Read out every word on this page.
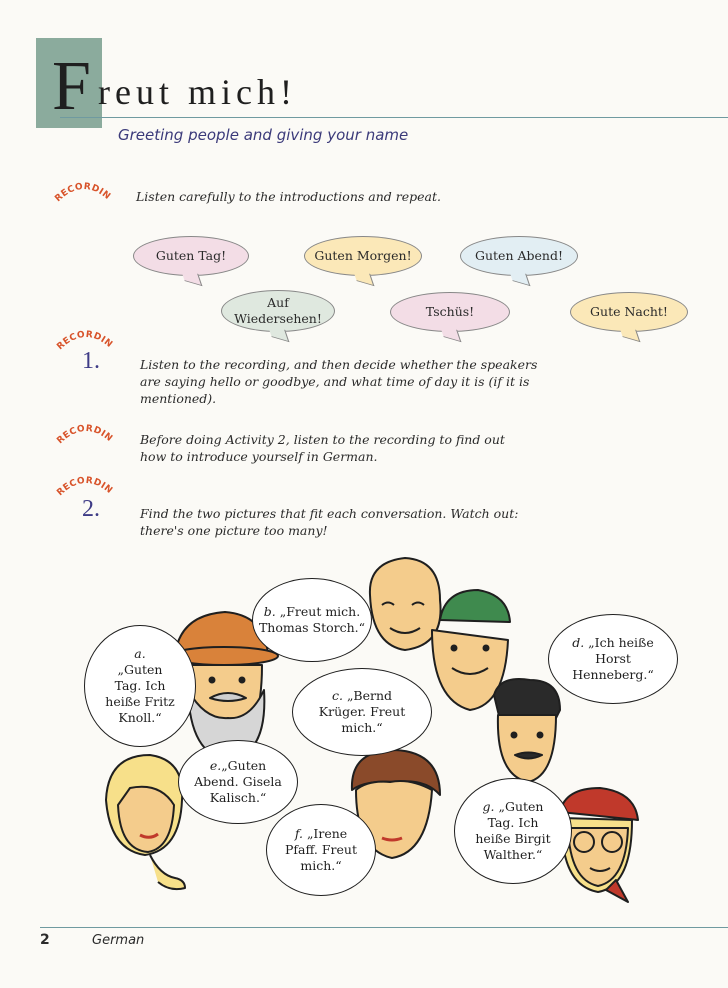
F reut mich!
Greeting people and giving your name
RECORDING
Listen carefully to the introductions and repeat.
Guten Tag!	Guten Morgen!	Guten Abend!
Auf Wiedersehen!	Tschüs!	Gute Nacht!
RECORDING
1.	Listen to the recording, and then decide whether the speakers are saying hello or goodbye, and what time of day it is (if it is mentioned).
RECORDING
Before doing Activity 2, listen to the recording to find out how to introduce yourself in German.
RECORDING
2.	Find the two pictures that fit each conversation. Watch out: there's one picture too many!
a.
„Guten Tag. Ich heiße Fritz Knoll.“
b. „Freut mich. Thomas Storch.“
c. „Bernd Krüger. Freut mich.“
d. „Ich heiße Horst Henneberg.“
e.„Guten Abend. Gisela Kalisch.“
f. „Irene Pfaff. Freut mich.“
g. „Guten Tag. Ich heiße Birgit Walther.“
2	German
